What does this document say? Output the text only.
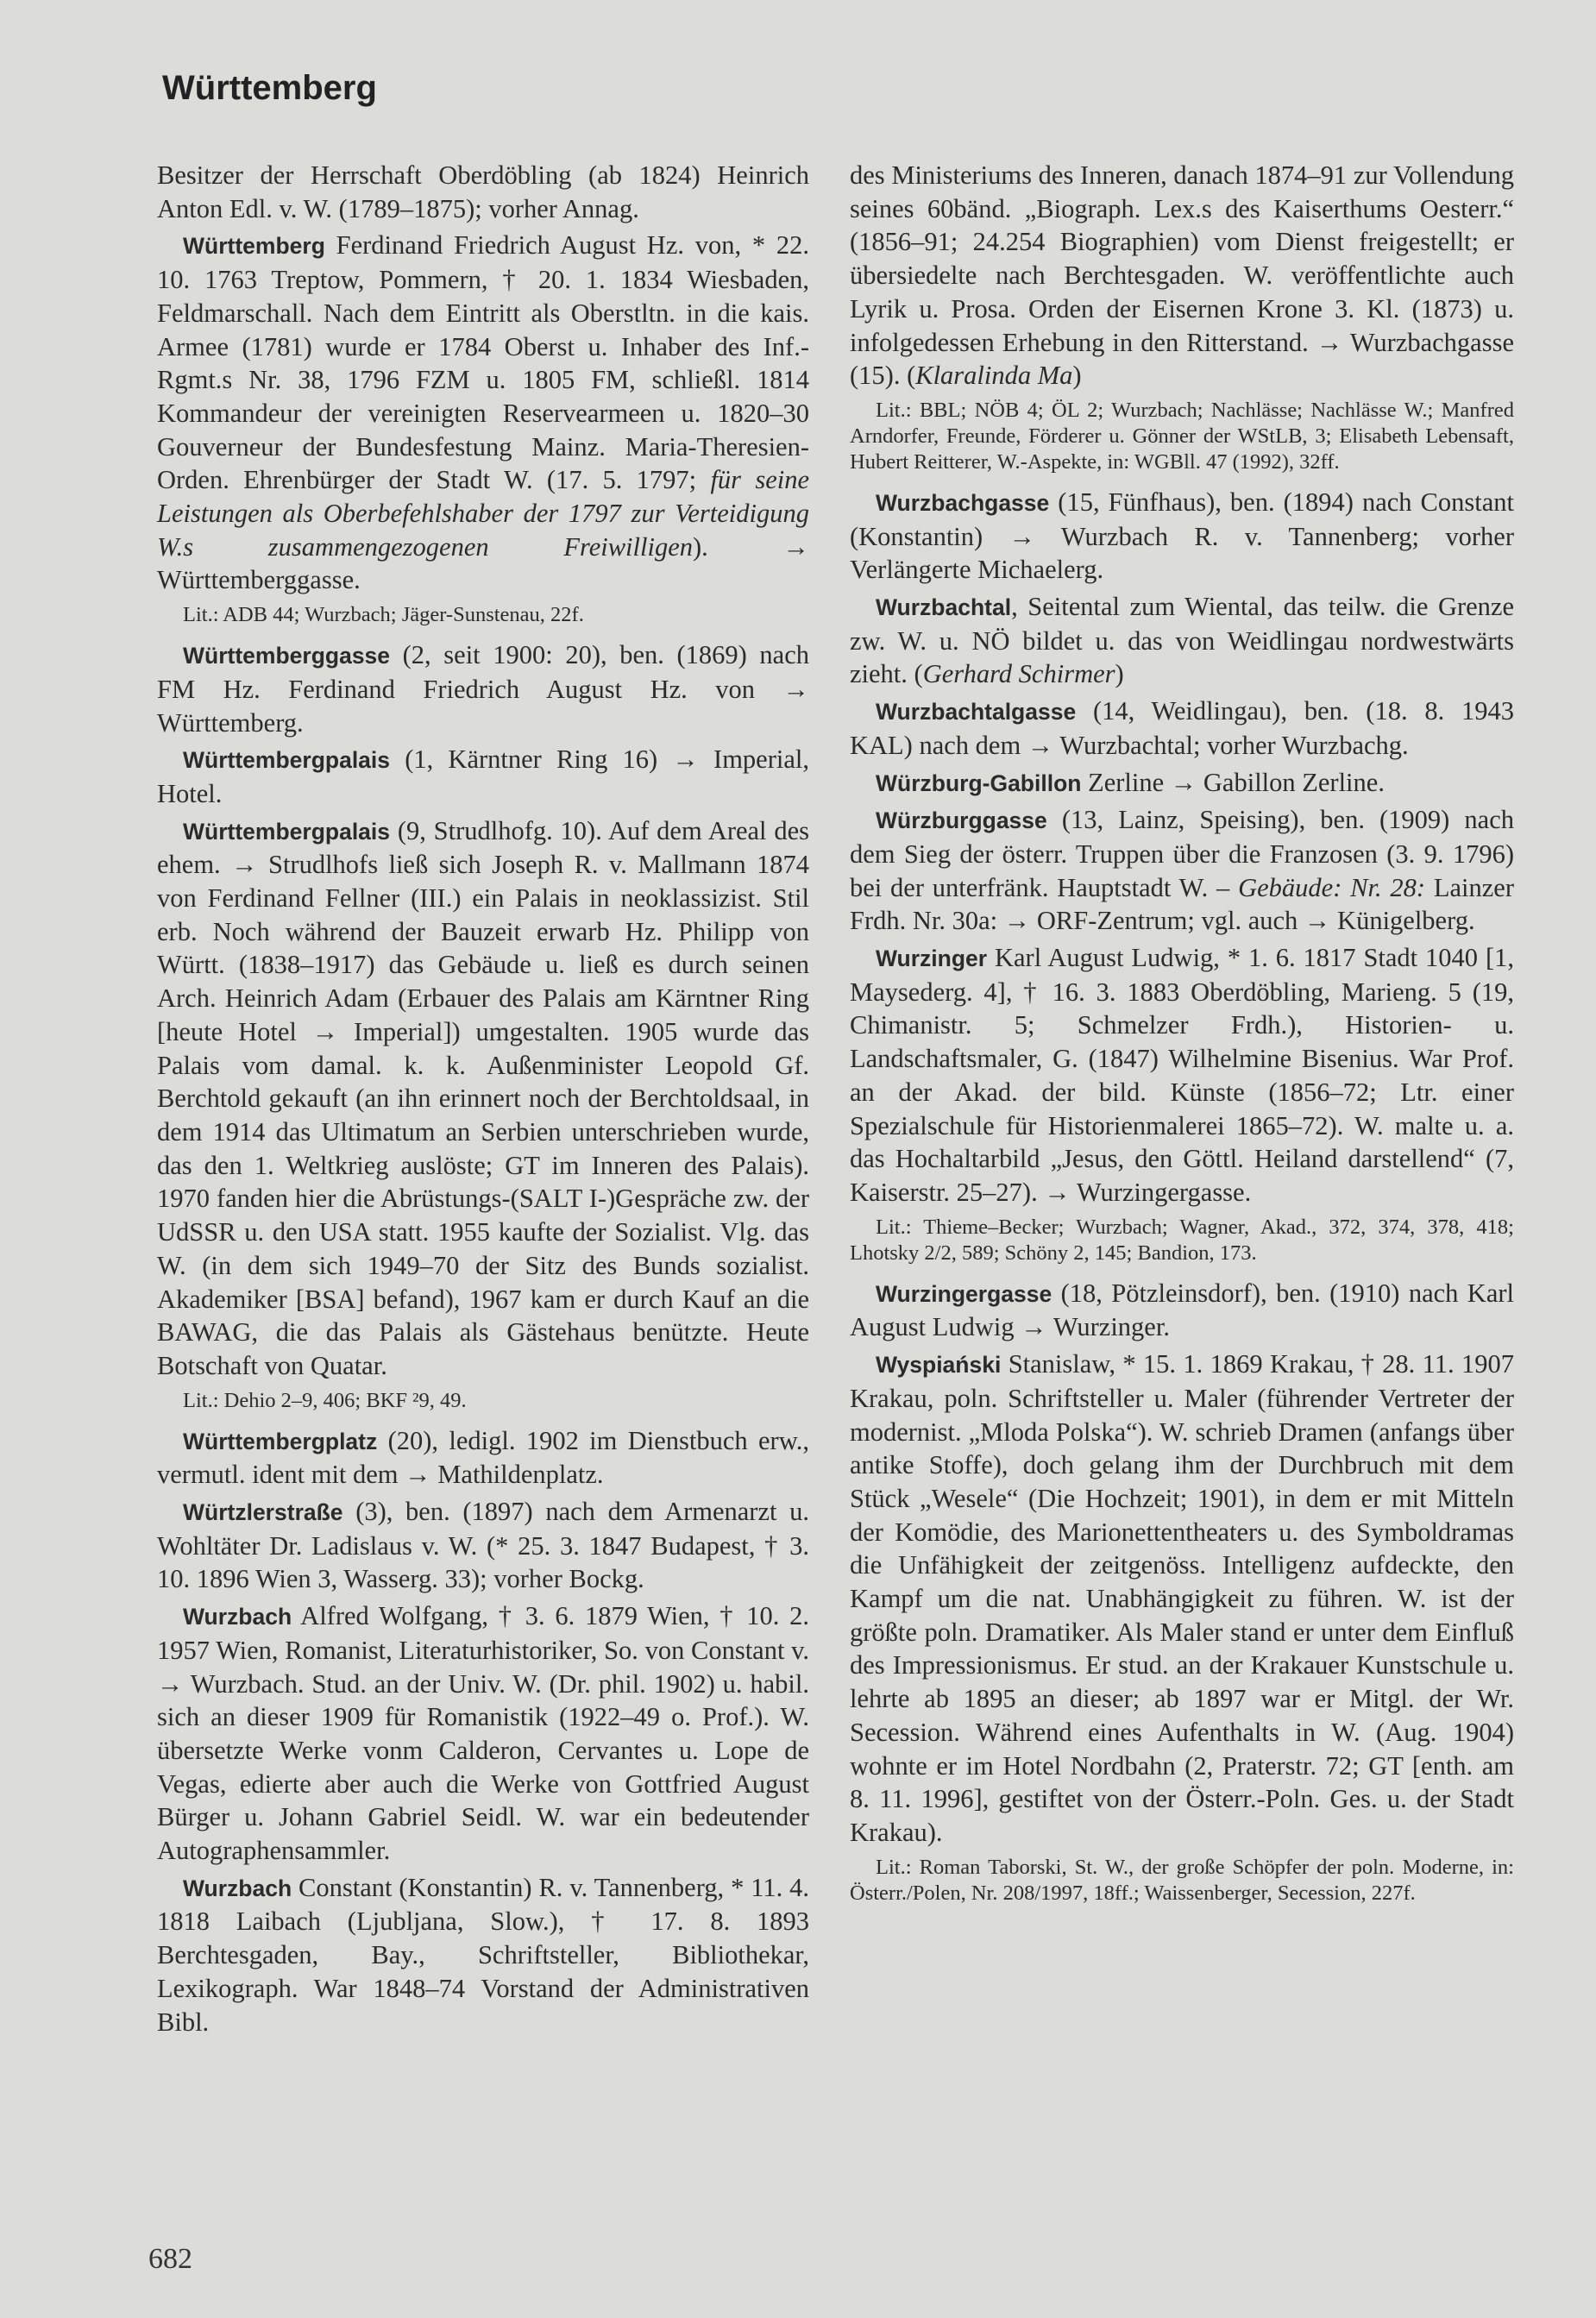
Württemberg

Besitzer der Herrschaft Oberdöbling (ab 1824) Heinrich Anton Edl. v. W. (1789–1875); vorher Annag.

Württemberg Ferdinand Friedrich August Hz. von, * 22. 10. 1763 Treptow, Pommern, † 20. 1. 1834 Wiesbaden, Feldmarschall. Nach dem Eintritt als Oberstltn. in die kais. Armee (1781) wurde er 1784 Oberst u. Inhaber des Inf.-Rgmt.s Nr. 38, 1796 FZM u. 1805 FM, schließl. 1814 Kommandeur der vereinigten Reservearmeen u. 1820–30 Gouverneur der Bundesfestung Mainz. Maria-Theresien-Orden. Ehrenbürger der Stadt W. (17. 5. 1797; für seine Leistungen als Oberbefehlshaber der 1797 zur Verteidigung W.s zusammengezogenen Freiwilligen). → Württemberggasse.

Lit.: ADB 44; Wurzbach; Jäger-Sunstenau, 22f.

Württemberggasse (2, seit 1900: 20), ben. (1869) nach FM Hz. Ferdinand Friedrich August Hz. von → Württemberg.

Württembergpalais (1, Kärntner Ring 16) → Imperial, Hotel.

Württembergpalais (9, Strudlhofg. 10). Auf dem Areal des ehem. → Strudlhofs ließ sich Joseph R. v. Mallmann 1874 von Ferdinand Fellner (III.) ein Palais in neoklassizist. Stil erb. Noch während der Bauzeit erwarb Hz. Philipp von Württ. (1838–1917) das Gebäude u. ließ es durch seinen Arch. Heinrich Adam (Erbauer des Palais am Kärntner Ring [heute Hotel → Imperial]) umgestalten. 1905 wurde das Palais vom damal. k. k. Außenminister Leopold Gf. Berchtold gekauft (an ihn erinnert noch der Berchtoldsaal, in dem 1914 das Ultimatum an Serbien unterschrieben wurde, das den 1. Weltkrieg auslöste; GT im Inneren des Palais). 1970 fanden hier die Abrüstungs-(SALT I-)Gespräche zw. der UdSSR u. den USA statt. 1955 kaufte der Sozialist. Vlg. das W. (in dem sich 1949–70 der Sitz des Bunds sozialist. Akademiker [BSA] befand), 1967 kam er durch Kauf an die BAWAG, die das Palais als Gästehaus benützte. Heute Botschaft von Quatar.

Lit.: Dehio 2–9, 406; BKF ²9, 49.

Württembergplatz (20), ledigl. 1902 im Dienstbuch erw., vermutl. ident mit dem → Mathildenplatz.

Würtzlerstraße (3), ben. (1897) nach dem Armenarzt u. Wohltäter Dr. Ladislaus v. W. (* 25. 3. 1847 Budapest, † 3. 10. 1896 Wien 3, Wasserg. 33); vorher Bockg.

Wurzbach Alfred Wolfgang, † 3. 6. 1879 Wien, † 10. 2. 1957 Wien, Romanist, Literaturhistoriker, So. von Constant v. → Wurzbach. Stud. an der Univ. W. (Dr. phil. 1902) u. habil. sich an dieser 1909 für Romanistik (1922–49 o. Prof.). W. übersetzte Werke vonm Calderon, Cervantes u. Lope de Vegas, edierte aber auch die Werke von Gottfried August Bürger u. Johann Gabriel Seidl. W. war ein bedeutender Autographensammler.

Wurzbach Constant (Konstantin) R. v. Tannenberg, * 11. 4. 1818 Laibach (Ljubljana, Slow.), † 17. 8. 1893 Berchtesgaden, Bay., Schriftsteller, Bibliothekar, Lexikograph. War 1848–74 Vorstand der Administrativen Bibl.

des Ministeriums des Inneren, danach 1874–91 zur Vollendung seines 60bänd. „Biograph. Lex.s des Kaiserthums Oesterr.“ (1856–91; 24.254 Biographien) vom Dienst freigestellt; er übersiedelte nach Berchtesgaden. W. veröffentlichte auch Lyrik u. Prosa. Orden der Eisernen Krone 3. Kl. (1873) u. infolgedessen Erhebung in den Ritterstand. → Wurzbachgasse (15). (Klaralinda Ma)

Lit.: BBL; NÖB 4; ÖL 2; Wurzbach; Nachlässe; Nachlässe W.; Manfred Arndorfer, Freunde, Förderer u. Gönner der WStLB, 3; Elisabeth Lebensaft, Hubert Reitterer, W.-Aspekte, in: WGBll. 47 (1992), 32ff.

Wurzbachgasse (15, Fünfhaus), ben. (1894) nach Constant (Konstantin) → Wurzbach R. v. Tannenberg; vorher Verlängerte Michaelerg.

Wurzbachtal, Seitental zum Wiental, das teilw. die Grenze zw. W. u. NÖ bildet u. das von Weidlingau nordwestwärts zieht. (Gerhard Schirmer)

Wurzbachtalgasse (14, Weidlingau), ben. (18. 8. 1943 KAL) nach dem → Wurzbachtal; vorher Wurzbachg.

Würzburg-Gabillon Zerline → Gabillon Zerline.

Würzburggasse (13, Lainz, Speising), ben. (1909) nach dem Sieg der österr. Truppen über die Franzosen (3. 9. 1796) bei der unterfränk. Hauptstadt W. – Gebäude: Nr. 28: Lainzer Frdh. Nr. 30a: → ORF-Zentrum; vgl. auch → Künigelberg.

Wurzinger Karl August Ludwig, * 1. 6. 1817 Stadt 1040 [1, Maysederg. 4], † 16. 3. 1883 Oberdöbling, Marieng. 5 (19, Chimanistr. 5; Schmelzer Frdh.), Historien- u. Landschaftsmaler, G. (1847) Wilhelmine Bisenius. War Prof. an der Akad. der bild. Künste (1856–72; Ltr. einer Spezialschule für Historienmalerei 1865–72). W. malte u. a. das Hochaltarbild „Jesus, den Göttl. Heiland darstellend“ (7, Kaiserstr. 25–27). → Wurzingergasse.

Lit.: Thieme–Becker; Wurzbach; Wagner, Akad., 372, 374, 378, 418; Lhotsky 2/2, 589; Schöny 2, 145; Bandion, 173.

Wurzingergasse (18, Pötzleinsdorf), ben. (1910) nach Karl August Ludwig → Wurzinger.

Wyspiański Stanislaw, * 15. 1. 1869 Krakau, † 28. 11. 1907 Krakau, poln. Schriftsteller u. Maler (führender Vertreter der modernist. „Mloda Polska“). W. schrieb Dramen (anfangs über antike Stoffe), doch gelang ihm der Durchbruch mit dem Stück „Wesele“ (Die Hochzeit; 1901), in dem er mit Mitteln der Komödie, des Marionettentheaters u. des Symboldramas die Unfähigkeit der zeitgenöss. Intelligenz aufdeckte, den Kampf um die nat. Unabhängigkeit zu führen. W. ist der größte poln. Dramatiker. Als Maler stand er unter dem Einfluß des Impressionismus. Er stud. an der Krakauer Kunstschule u. lehrte ab 1895 an dieser; ab 1897 war er Mitgl. der Wr. Secession. Während eines Aufenthalts in W. (Aug. 1904) wohnte er im Hotel Nordbahn (2, Praterstr. 72; GT [enth. am 8. 11. 1996], gestiftet von der Österr.-Poln. Ges. u. der Stadt Krakau).

Lit.: Roman Taborski, St. W., der große Schöpfer der poln. Moderne, in: Österr./Polen, Nr. 208/1997, 18ff.; Waissenberger, Secession, 227f.

682
